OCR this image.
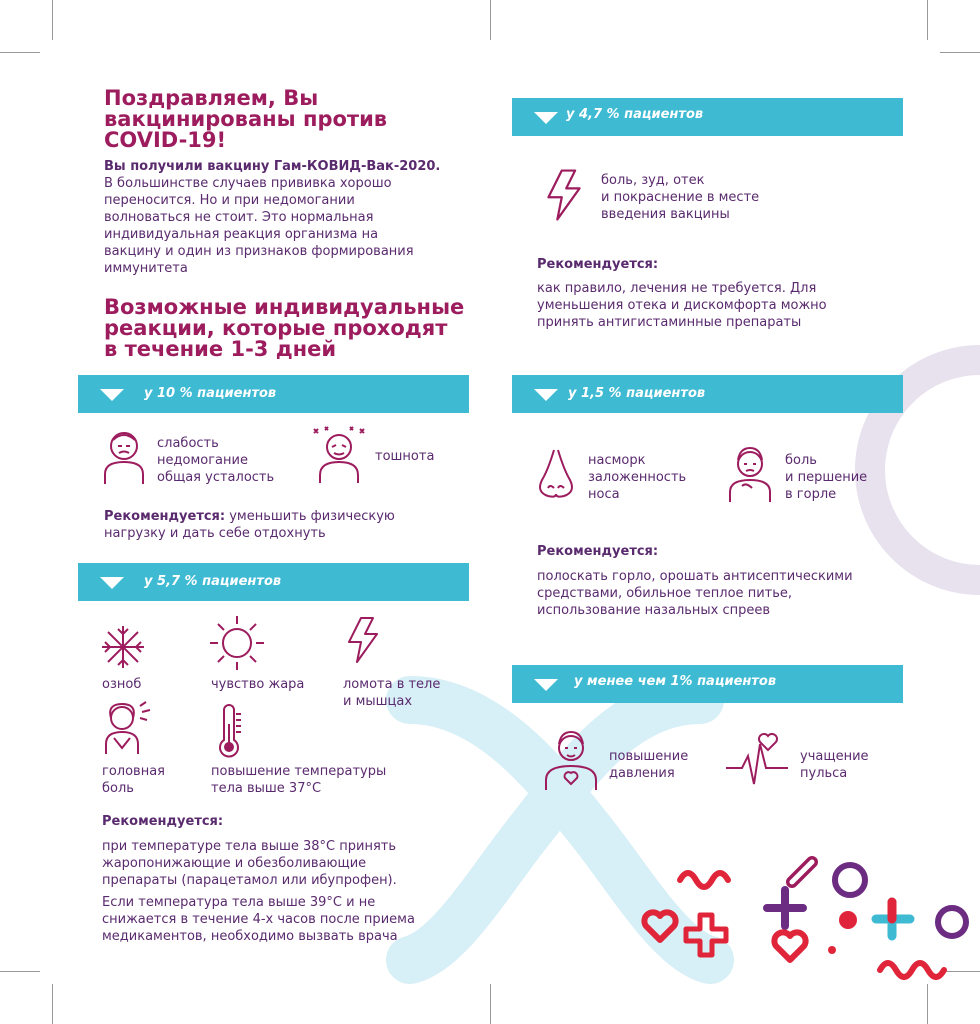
Поздравляем, Вы
вакцинированы против
COVID-19!
Вы получили вакцину Гам-КОВИД-Вак-2020.
В большинстве случаев прививка хорошо
переносится. Но и при недомогании
волноваться не стоит. Это нормальная
индивидуальная реакция организма на
вакцину и один из признаков формирования
иммунитета
Возможные индивидуальные
реакции, которые проходят
в течение 1-3 дней
у 10 % пациентов
слабость
недомогание
общая усталость
тошнота
Рекомендуется: уменьшить физическую
нагрузку и дать себе отдохнуть
у 5,7 % пациентов
озноб	чувство жара	ломота в теле
и мышцах
головная
боль
повышение температуры
тела выше 37°С
Рекомендуется:
при температуре тела выше 38°С принять
жаропонижающие и обезболивающие
препараты (парацетамол или ибупрофен).
Если температура тела выше 39°С и не
снижается в течение 4-х часов после приема
медикаментов, необходимо вызвать врача
у 4,7 % пациентов
боль, зуд, отек
и покраснение в месте
введения вакцины
Рекомендуется:
как правило, лечения не требуется. Для
уменьшения отека и дискомфорта можно
принять антигистаминные препараты
у 1,5 % пациентов
насморк
заложенность
носа
боль
и першение
в горле
Рекомендуется:
полоскать горло, орошать антисептическими
средствами, обильное теплое питье,
использование назальных спреев
у менее чем 1% пациентов
повышение
давления
учащение
пульса
